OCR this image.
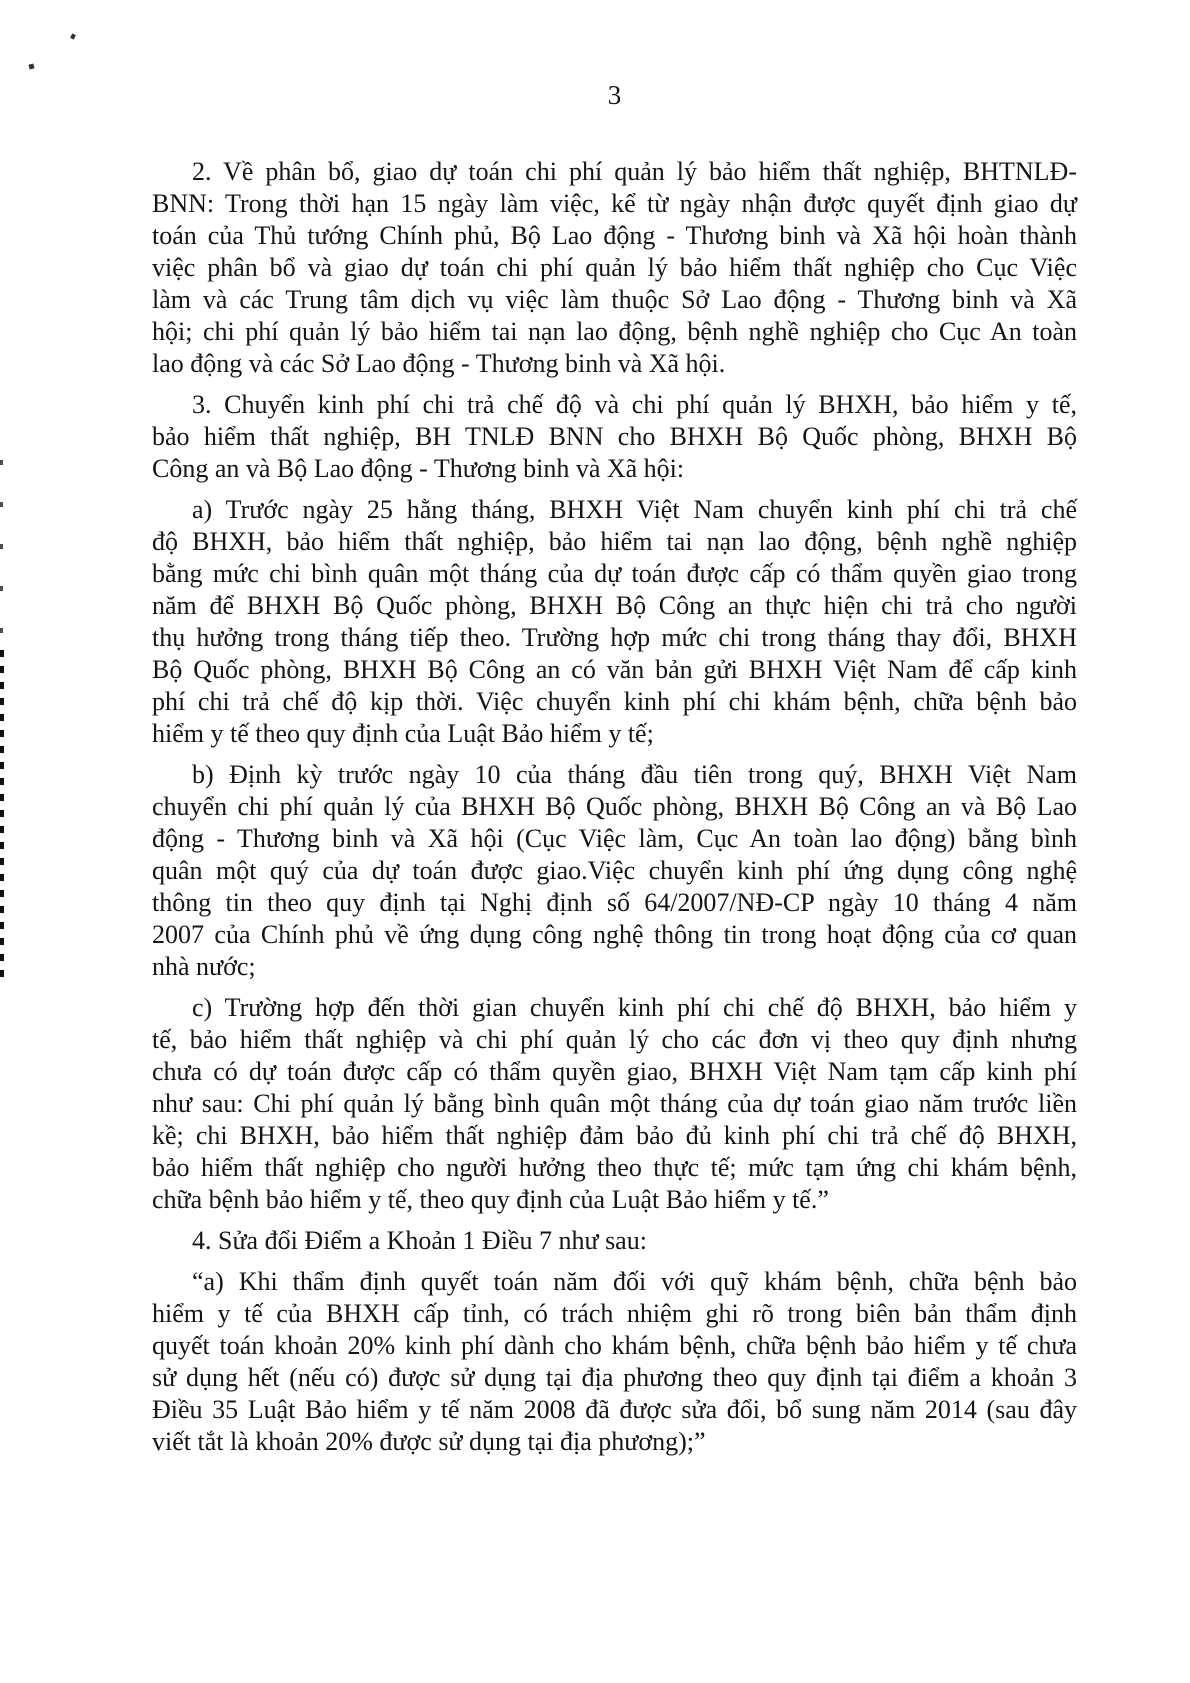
3

2. Về phân bổ, giao dự toán chi phí quản lý bảo hiểm thất nghiệp, BHTNLĐ-
BNN: Trong thời hạn 15 ngày làm việc, kể từ ngày nhận được quyết định giao dự
toán của Thủ tướng Chính phủ, Bộ Lao động - Thương binh và Xã hội hoàn thành
việc phân bổ và giao dự toán chi phí quản lý bảo hiểm thất nghiệp cho Cục Việc
làm và các Trung tâm dịch vụ việc làm thuộc Sở Lao động - Thương binh và Xã
hội; chi phí quản lý bảo hiểm tai nạn lao động, bệnh nghề nghiệp cho Cục An toàn
lao động và các Sở Lao động - Thương binh và Xã hội.

3. Chuyển kinh phí chi trả chế độ và chi phí quản lý BHXH, bảo hiểm y tế,
bảo hiểm thất nghiệp, BH TNLĐ BNN cho BHXH Bộ Quốc phòng, BHXH Bộ
Công an và Bộ Lao động - Thương binh và Xã hội:

a) Trước ngày 25 hằng tháng, BHXH Việt Nam chuyển kinh phí chi trả chế
độ BHXH, bảo hiểm thất nghiệp, bảo hiểm tai nạn lao động, bệnh nghề nghiệp
bằng mức chi bình quân một tháng của dự toán được cấp có thẩm quyền giao trong
năm để BHXH Bộ Quốc phòng, BHXH Bộ Công an thực hiện chi trả cho người
thụ hưởng trong tháng tiếp theo. Trường hợp mức chi trong tháng thay đổi, BHXH
Bộ Quốc phòng, BHXH Bộ Công an có văn bản gửi BHXH Việt Nam để cấp kinh
phí chi trả chế độ kịp thời. Việc chuyển kinh phí chi khám bệnh, chữa bệnh bảo
hiểm y tế theo quy định của Luật Bảo hiểm y tế;

b) Định kỳ trước ngày 10 của tháng đầu tiên trong quý, BHXH Việt Nam
chuyển chi phí quản lý của BHXH Bộ Quốc phòng, BHXH Bộ Công an và Bộ Lao
động - Thương binh và Xã hội (Cục Việc làm, Cục An toàn lao động) bằng bình
quân một quý của dự toán được giao.Việc chuyển kinh phí ứng dụng công nghệ
thông tin theo quy định tại Nghị định số 64/2007/NĐ-CP ngày 10 tháng 4 năm
2007 của Chính phủ về ứng dụng công nghệ thông tin trong hoạt động của cơ quan
nhà nước;

c) Trường hợp đến thời gian chuyển kinh phí chi chế độ BHXH, bảo hiểm y
tế, bảo hiểm thất nghiệp và chi phí quản lý cho các đơn vị theo quy định nhưng
chưa có dự toán được cấp có thẩm quyền giao, BHXH Việt Nam tạm cấp kinh phí
như sau: Chi phí quản lý bằng bình quân một tháng của dự toán giao năm trước liền
kề; chi BHXH, bảo hiểm thất nghiệp đảm bảo đủ kinh phí chi trả chế độ BHXH,
bảo hiểm thất nghiệp cho người hưởng theo thực tế; mức tạm ứng chi khám bệnh,
chữa bệnh bảo hiểm y tế, theo quy định của Luật Bảo hiểm y tế.”

4. Sửa đổi Điểm a Khoản 1 Điều 7 như sau:

“a) Khi thẩm định quyết toán năm đối với quỹ khám bệnh, chữa bệnh bảo
hiểm y tế của BHXH cấp tỉnh, có trách nhiệm ghi rõ trong biên bản thẩm định
quyết toán khoản 20% kinh phí dành cho khám bệnh, chữa bệnh bảo hiểm y tế chưa
sử dụng hết (nếu có) được sử dụng tại địa phương theo quy định tại điểm a khoản 3
Điều 35 Luật Bảo hiểm y tế năm 2008 đã được sửa đổi, bổ sung năm 2014 (sau đây
viết tắt là khoản 20% được sử dụng tại địa phương);”
